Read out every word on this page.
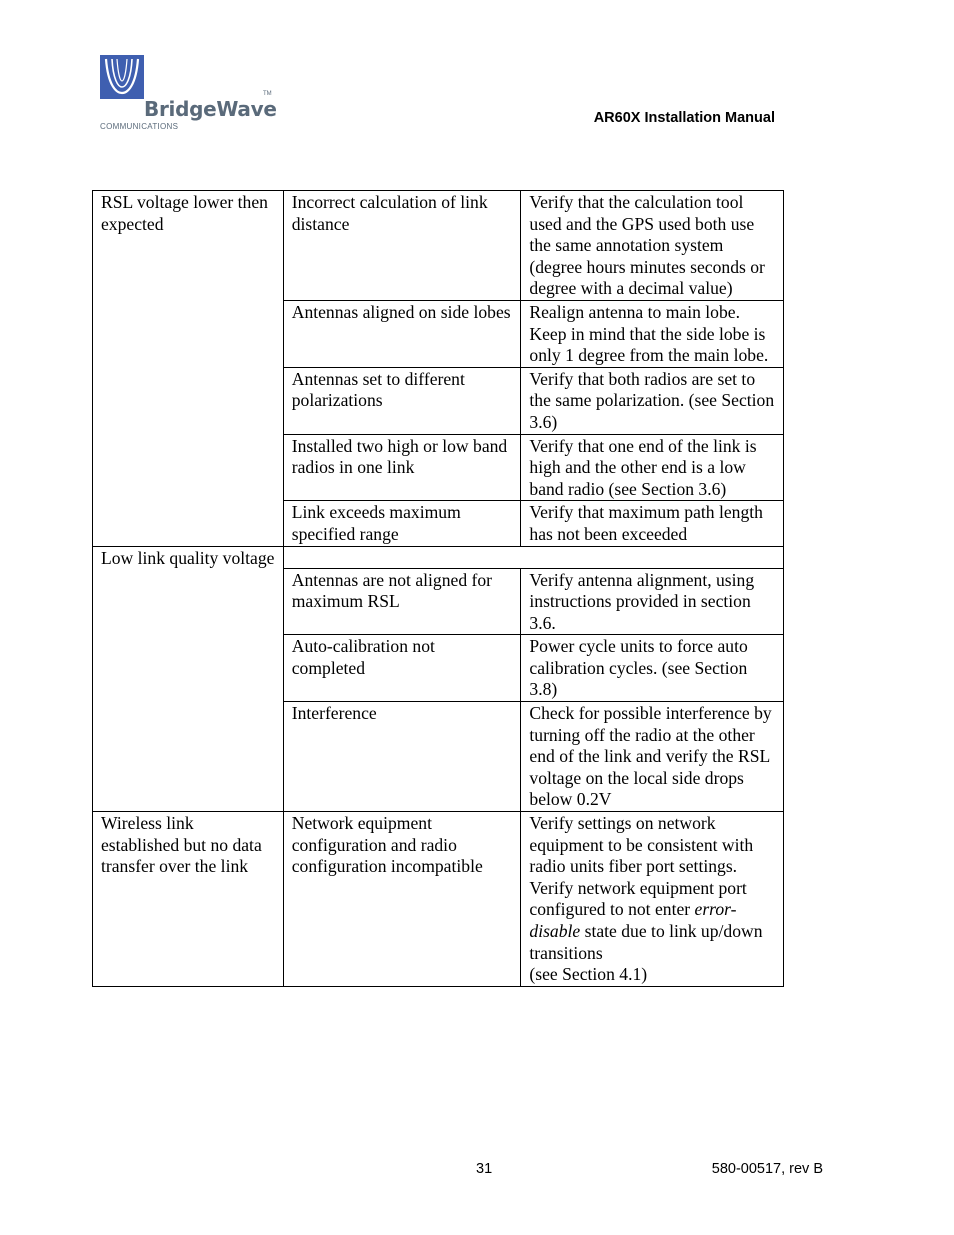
BridgeWave
TM
COMMUNICATIONS
AR60X Installation Manual
RSL voltage lower then expected	Incorrect calculation of link distance	Verify that the calculation tool used and the GPS used both use the same annotation system (degree hours minutes seconds or degree with a decimal value)
	Antennas aligned on side lobes	Realign antenna to main lobe. Keep in mind that the side lobe is only 1 degree from the main lobe.
	Antennas set to different polarizations	Verify that both radios are set to the same polarization. (see Section 3.6)
	Installed two high or low band radios in one link	Verify that one end of the link is high and the other end is a low band radio (see Section 3.6)
	Link exceeds maximum specified range	Verify that maximum path length has not been exceeded
Low link quality voltage		
	Antennas are not aligned for maximum RSL	Verify antenna alignment, using instructions provided in section 3.6.
	Auto-calibration not completed	Power cycle units to force auto calibration cycles. (see Section 3.8)
	Interference	Check for possible interference by turning off the radio at the other end of the link and verify the RSL voltage on the local side drops below 0.2V
Wireless link established but no data transfer over the link	Network equipment configuration and radio configuration incompatible	Verify settings on network equipment to be consistent with radio units fiber port settings.
Verify network equipment port configured to not enter error-disable state due to link up/down transitions
(see Section 4.1)
31	580-00517, rev B
